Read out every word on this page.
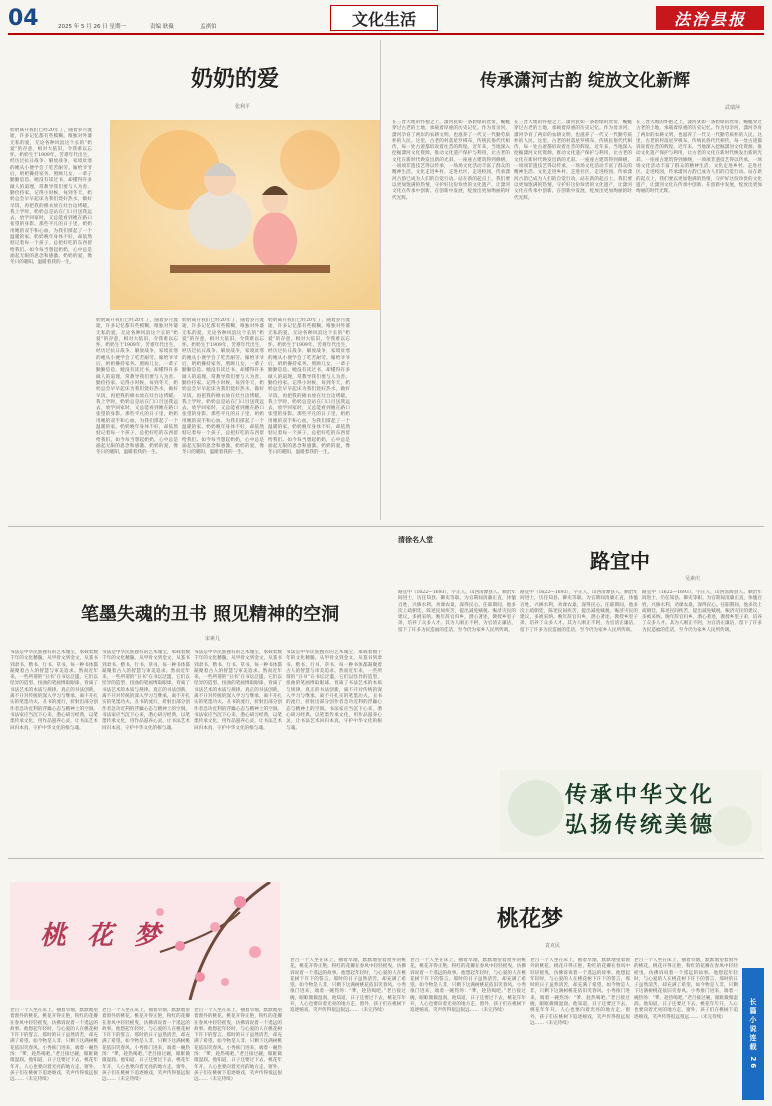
04	2025 年 5 月 26 日 星期一	责编 耿薇	孟祺伯	文化生活	法治县报
奶奶的爱
张利平
奶奶离开我们已经20年了，随着岁月流逝，许多记忆都有些模糊，唯独对外婆无私的爱，无论各种风浪这个长的“奶爱”的存意，相对大依旧，令我难以忘怀。奶奶生于1909年，苦难年代出生，经历过抗日战争、解放战争，家境贫寒的她从小便学会了吃苦耐劳。嫁给爷爷后，奶奶操持家务、照顾儿女，一辈子勤勤恳恳。她没有读过书，却懂得许多做人的道理，常教导我们要与人为善、勤俭持家。记得小时候，每到冬天，奶奶总会早早起床为我们烧好热水，做好早饭，再把我的棉衣放在灶台边烤暖。我上学时，奶奶总是站在门口目送我远去，放学回家时，又总能看到她在路口张望的身影。那些平凡的日子里，奶奶用她的双手和心血，为我们撑起了一个温暖的家。奶奶晚年身体不好，却依然惦记着每一个孩子，总把好吃的东西留给我们。如今每当想起奶奶，心中总是涌起无限的思念和感激。奶奶的爱，像冬日的暖阳，温暖着我的一生。
奶奶离开我们已经20年了，随着岁月流逝，许多记忆都有些模糊，唯独对外婆无私的爱，无论各种风浪这个长的“奶爱”的存意，相对大依旧，令我难以忘怀。奶奶生于1909年，苦难年代出生，经历过抗日战争、解放战争，家境贫寒的她从小便学会了吃苦耐劳。嫁给爷爷后，奶奶操持家务、照顾儿女，一辈子勤勤恳恳。她没有读过书，却懂得许多做人的道理，常教导我们要与人为善、勤俭持家。记得小时候，每到冬天，奶奶总会早早起床为我们烧好热水，做好早饭，再把我的棉衣放在灶台边烤暖。我上学时，奶奶总是站在门口目送我远去，放学回家时，又总能看到她在路口张望的身影。那些平凡的日子里，奶奶用她的双手和心血，为我们撑起了一个温暖的家。奶奶晚年身体不好，却依然惦记着每一个孩子，总把好吃的东西留给我们。如今每当想起奶奶，心中总是涌起无限的思念和感激。奶奶的爱，像冬日的暖阳，温暖着我的一生。
奶奶离开我们已经20年了，随着岁月流逝，许多记忆都有些模糊，唯独对外婆无私的爱，无论各种风浪这个长的“奶爱”的存意，相对大依旧，令我难以忘怀。奶奶生于1909年，苦难年代出生，经历过抗日战争、解放战争，家境贫寒的她从小便学会了吃苦耐劳。嫁给爷爷后，奶奶操持家务、照顾儿女，一辈子勤勤恳恳。她没有读过书，却懂得许多做人的道理，常教导我们要与人为善、勤俭持家。记得小时候，每到冬天，奶奶总会早早起床为我们烧好热水，做好早饭，再把我的棉衣放在灶台边烤暖。我上学时，奶奶总是站在门口目送我远去，放学回家时，又总能看到她在路口张望的身影。那些平凡的日子里，奶奶用她的双手和心血，为我们撑起了一个温暖的家。奶奶晚年身体不好，却依然惦记着每一个孩子，总把好吃的东西留给我们。如今每当想起奶奶，心中总是涌起无限的思念和感激。奶奶的爱，像冬日的暖阳，温暖着我的一生。
奶奶离开我们已经20年了，随着岁月流逝，许多记忆都有些模糊，唯独对外婆无私的爱，无论各种风浪这个长的“奶爱”的存意，相对大依旧，令我难以忘怀。奶奶生于1909年，苦难年代出生，经历过抗日战争、解放战争，家境贫寒的她从小便学会了吃苦耐劳。嫁给爷爷后，奶奶操持家务、照顾儿女，一辈子勤勤恳恳。她没有读过书，却懂得许多做人的道理，常教导我们要与人为善、勤俭持家。记得小时候，每到冬天，奶奶总会早早起床为我们烧好热水，做好早饭，再把我的棉衣放在灶台边烤暖。我上学时，奶奶总是站在门口目送我远去，放学回家时，又总能看到她在路口张望的身影。那些平凡的日子里，奶奶用她的双手和心血，为我们撑起了一个温暖的家。奶奶晚年身体不好，却依然惦记着每一个孩子，总把好吃的东西留给我们。如今每当想起奶奶，心中总是涌起无限的思念和感激。奶奶的爱，像冬日的暖阳，温暖着我的一生。
传承潇河古韵 绽放文化新辉
武瑞萍
在三晋大地的怀抱之上，潇河犹如一条碧绿的丝带，蜿蜒穿过古老的土地，承载着厚重的历史记忆。作为母亲河，潇河孕育了两岸的农耕文明，也滋养了一代又一代勤劳质朴的人民。这里，古老的村落星罗棋布，传统民俗代代相传，每一处古迹都诉说着往昔的辉煌。近年来，当地深入挖掘潇河文化资源，推动文化遗产保护与利用，让古老的文化在新时代焕发出新的光彩。一座座古建筑得到修缮，一项项非遗技艺得以传承，一场场文化活动丰富了群众的精神生活。文化走进乡村、走进社区、走进校园，传承潇河古韵已成为人们的自觉行动。站在新的起点上，我们要以更加饱满的热情，守护好这份珍贵的文化遗产，让潇河文化在传承中创新、在创新中发展，绽放出更加绚丽的时代光辉。
在三晋大地的怀抱之上，潇河犹如一条碧绿的丝带，蜿蜒穿过古老的土地，承载着厚重的历史记忆。作为母亲河，潇河孕育了两岸的农耕文明，也滋养了一代又一代勤劳质朴的人民。这里，古老的村落星罗棋布，传统民俗代代相传，每一处古迹都诉说着往昔的辉煌。近年来，当地深入挖掘潇河文化资源，推动文化遗产保护与利用，让古老的文化在新时代焕发出新的光彩。一座座古建筑得到修缮，一项项非遗技艺得以传承，一场场文化活动丰富了群众的精神生活。文化走进乡村、走进社区、走进校园，传承潇河古韵已成为人们的自觉行动。站在新的起点上，我们要以更加饱满的热情，守护好这份珍贵的文化遗产，让潇河文化在传承中创新、在创新中发展，绽放出更加绚丽的时代光辉。
在三晋大地的怀抱之上，潇河犹如一条碧绿的丝带，蜿蜒穿过古老的土地，承载着厚重的历史记忆。作为母亲河，潇河孕育了两岸的农耕文明，也滋养了一代又一代勤劳质朴的人民。这里，古老的村落星罗棋布，传统民俗代代相传，每一处古迹都诉说着往昔的辉煌。近年来，当地深入挖掘潇河文化资源，推动文化遗产保护与利用，让古老的文化在新时代焕发出新的光彩。一座座古建筑得到修缮，一项项非遗技艺得以传承，一场场文化活动丰富了群众的精神生活。文化走进乡村、走进社区、走进校园，传承潇河古韵已成为人们的自觉行动。站在新的起点上，我们要以更加饱满的热情，守护好这份珍贵的文化遗产，让潇河文化在传承中创新、在创新中发展，绽放出更加绚丽的时代光辉。
笔墨失魂的丑书 照见精神的空洞
宋素儿
书法是中华民族独有的艺术瑰宝，承载着数千年的文化精髓。从甲骨文到金文，从篆书到隶书、楷书、行书、草书，每一种书体都凝聚着古人的智慧与审美追求。然而近年来，一些所谓的“丑书”在书坛泛滥，它们以怪异的造型、扭曲的笔画博取眼球，背离了书法艺术的本质与规律。真正的书法创新，离不开对传统的深入学习与继承，离不开扎实的笔墨功夫。丑书的流行，折射出部分创作者急功近利的浮躁心态与精神上的空洞。书法家应当沉下心来，潜心研习经典，以笔墨传承文化，用作品滋养心灵，让书法艺术回归本真，守护中华文化的根与魂。
书法是中华民族独有的艺术瑰宝，承载着数千年的文化精髓。从甲骨文到金文，从篆书到隶书、楷书、行书、草书，每一种书体都凝聚着古人的智慧与审美追求。然而近年来，一些所谓的“丑书”在书坛泛滥，它们以怪异的造型、扭曲的笔画博取眼球，背离了书法艺术的本质与规律。真正的书法创新，离不开对传统的深入学习与继承，离不开扎实的笔墨功夫。丑书的流行，折射出部分创作者急功近利的浮躁心态与精神上的空洞。书法家应当沉下心来，潜心研习经典，以笔墨传承文化，用作品滋养心灵，让书法艺术回归本真，守护中华文化的根与魂。
书法是中华民族独有的艺术瑰宝，承载着数千年的文化精髓。从甲骨文到金文，从篆书到隶书、楷书、行书、草书，每一种书体都凝聚着古人的智慧与审美追求。然而近年来，一些所谓的“丑书”在书坛泛滥，它们以怪异的造型、扭曲的笔画博取眼球，背离了书法艺术的本质与规律。真正的书法创新，离不开对传统的深入学习与继承，离不开扎实的笔墨功夫。丑书的流行，折射出部分创作者急功近利的浮躁心态与精神上的空洞。书法家应当沉下心来，潜心研习经典，以笔墨传承文化，用作品滋养心灵，让书法艺术回归本真，守护中华文化的根与魂。
书法是中华民族独有的艺术瑰宝，承载着数千年的文化精髓。从甲骨文到金文，从篆书到隶书、楷书、行书、草书，每一种书体都凝聚着古人的智慧与审美追求。然而近年来，一些所谓的“丑书”在书坛泛滥，它们以怪异的造型、扭曲的笔画博取眼球，背离了书法艺术的本质与规律。真正的书法创新，离不开对传统的深入学习与继承，离不开扎实的笔墨功夫。丑书的流行，折射出部分创作者急功近利的浮躁心态与精神上的空洞。书法家应当沉下心来，潜心研习经典，以笔墨传承文化，用作品滋养心灵，让书法艺术回归本真，守护中华文化的根与魂。
清徐名人堂
路宜中
吴素庆
路宜中（1622—1693），字正人，山西清源县人。顺治年间进士，历任知县、御史等职。为官期间清廉正直，体恤百姓，兴修水利，劝课农桑，深得民心。任职期间，他多次上疏朝廷，陈述民间疾苦，提出减免赋税、赈济灾民的建议，多被采纳。晚年辞官归乡，潜心著述，教授乡里子弟，培养了众多人才。其为人刚正不阿，为官清正廉洁，留下了许多为民造福的佳话，至今仍为家乡人民所传颂。
路宜中（1622—1693），字正人，山西清源县人。顺治年间进士，历任知县、御史等职。为官期间清廉正直，体恤百姓，兴修水利，劝课农桑，深得民心。任职期间，他多次上疏朝廷，陈述民间疾苦，提出减免赋税、赈济灾民的建议，多被采纳。晚年辞官归乡，潜心著述，教授乡里子弟，培养了众多人才。其为人刚正不阿，为官清正廉洁，留下了许多为民造福的佳话，至今仍为家乡人民所传颂。
路宜中（1622—1693），字正人，山西清源县人。顺治年间进士，历任知县、御史等职。为官期间清廉正直，体恤百姓，兴修水利，劝课农桑，深得民心。任职期间，他多次上疏朝廷，陈述民间疾苦，提出减免赋税、赈济灾民的建议，多被采纳。晚年辞官归乡，潜心著述，教授乡里子弟，培养了众多人才。其为人刚正不阿，为官清正廉洁，留下了许多为民造福的佳话，至今仍为家乡人民所传颂。
传承中华文化
弘扬传统美德
桃 花 梦
老吕一个人坐在床上，抽着旱烟，默默地望着窗外的桃花。桃花开得正艳，粉红的花瓣在春风中轻轻摇曳，仿佛诉说着一个遥远的故事。他想起年轻时，与心爱的人在桃花树下许下的誓言，那时的日子虽然清苦，却充满了希望。如今物是人非，只剩下这满树桃花依旧笑春风。小秀推门进来，端着一碗热汤：“爹，趁热喝吧。”老吕接过碗，眼眶微微湿润。他知道，日子还要过下去，桃花年年开，人心也要向着光亮的地方走。窗外，孩子们在桃树下追逐嬉戏，笑声传得很远很远……（未完待续）
老吕一个人坐在床上，抽着旱烟，默默地望着窗外的桃花。桃花开得正艳，粉红的花瓣在春风中轻轻摇曳，仿佛诉说着一个遥远的故事。他想起年轻时，与心爱的人在桃花树下许下的誓言，那时的日子虽然清苦，却充满了希望。如今物是人非，只剩下这满树桃花依旧笑春风。小秀推门进来，端着一碗热汤：“爹，趁热喝吧。”老吕接过碗，眼眶微微湿润。他知道，日子还要过下去，桃花年年开，人心也要向着光亮的地方走。窗外，孩子们在桃树下追逐嬉戏，笑声传得很远很远……（未完待续）
老吕一个人坐在床上，抽着旱烟，默默地望着窗外的桃花。桃花开得正艳，粉红的花瓣在春风中轻轻摇曳，仿佛诉说着一个遥远的故事。他想起年轻时，与心爱的人在桃花树下许下的誓言，那时的日子虽然清苦，却充满了希望。如今物是人非，只剩下这满树桃花依旧笑春风。小秀推门进来，端着一碗热汤：“爹，趁热喝吧。”老吕接过碗，眼眶微微湿润。他知道，日子还要过下去，桃花年年开，人心也要向着光亮的地方走。窗外，孩子们在桃树下追逐嬉戏，笑声传得很远很远……（未完待续）
桃花梦
袁克民
老吕一个人坐在床上，抽着旱烟，默默地望着窗外的桃花。桃花开得正艳，粉红的花瓣在春风中轻轻摇曳，仿佛诉说着一个遥远的故事。他想起年轻时，与心爱的人在桃花树下许下的誓言，那时的日子虽然清苦，却充满了希望。如今物是人非，只剩下这满树桃花依旧笑春风。小秀推门进来，端着一碗热汤：“爹，趁热喝吧。”老吕接过碗，眼眶微微湿润。他知道，日子还要过下去，桃花年年开，人心也要向着光亮的地方走。窗外，孩子们在桃树下追逐嬉戏，笑声传得很远很远……（未完待续）
老吕一个人坐在床上，抽着旱烟，默默地望着窗外的桃花。桃花开得正艳，粉红的花瓣在春风中轻轻摇曳，仿佛诉说着一个遥远的故事。他想起年轻时，与心爱的人在桃花树下许下的誓言，那时的日子虽然清苦，却充满了希望。如今物是人非，只剩下这满树桃花依旧笑春风。小秀推门进来，端着一碗热汤：“爹，趁热喝吧。”老吕接过碗，眼眶微微湿润。他知道，日子还要过下去，桃花年年开，人心也要向着光亮的地方走。窗外，孩子们在桃树下追逐嬉戏，笑声传得很远很远……（未完待续）
老吕一个人坐在床上，抽着旱烟，默默地望着窗外的桃花。桃花开得正艳，粉红的花瓣在春风中轻轻摇曳，仿佛诉说着一个遥远的故事。他想起年轻时，与心爱的人在桃花树下许下的誓言，那时的日子虽然清苦，却充满了希望。如今物是人非，只剩下这满树桃花依旧笑春风。小秀推门进来，端着一碗热汤：“爹，趁热喝吧。”老吕接过碗，眼眶微微湿润。他知道，日子还要过下去，桃花年年开，人心也要向着光亮的地方走。窗外，孩子们在桃树下追逐嬉戏，笑声传得很远很远……（未完待续）
老吕一个人坐在床上，抽着旱烟，默默地望着窗外的桃花。桃花开得正艳，粉红的花瓣在春风中轻轻摇曳，仿佛诉说着一个遥远的故事。他想起年轻时，与心爱的人在桃花树下许下的誓言，那时的日子虽然清苦，却充满了希望。如今物是人非，只剩下这满树桃花依旧笑春风。小秀推门进来，端着一碗热汤：“爹，趁热喝吧。”老吕接过碗，眼眶微微湿润。他知道，日子还要过下去，桃花年年开，人心也要向着光亮的地方走。窗外，孩子们在桃树下追逐嬉戏，笑声传得很远很远……（未完待续）	长篇小说连载 26
